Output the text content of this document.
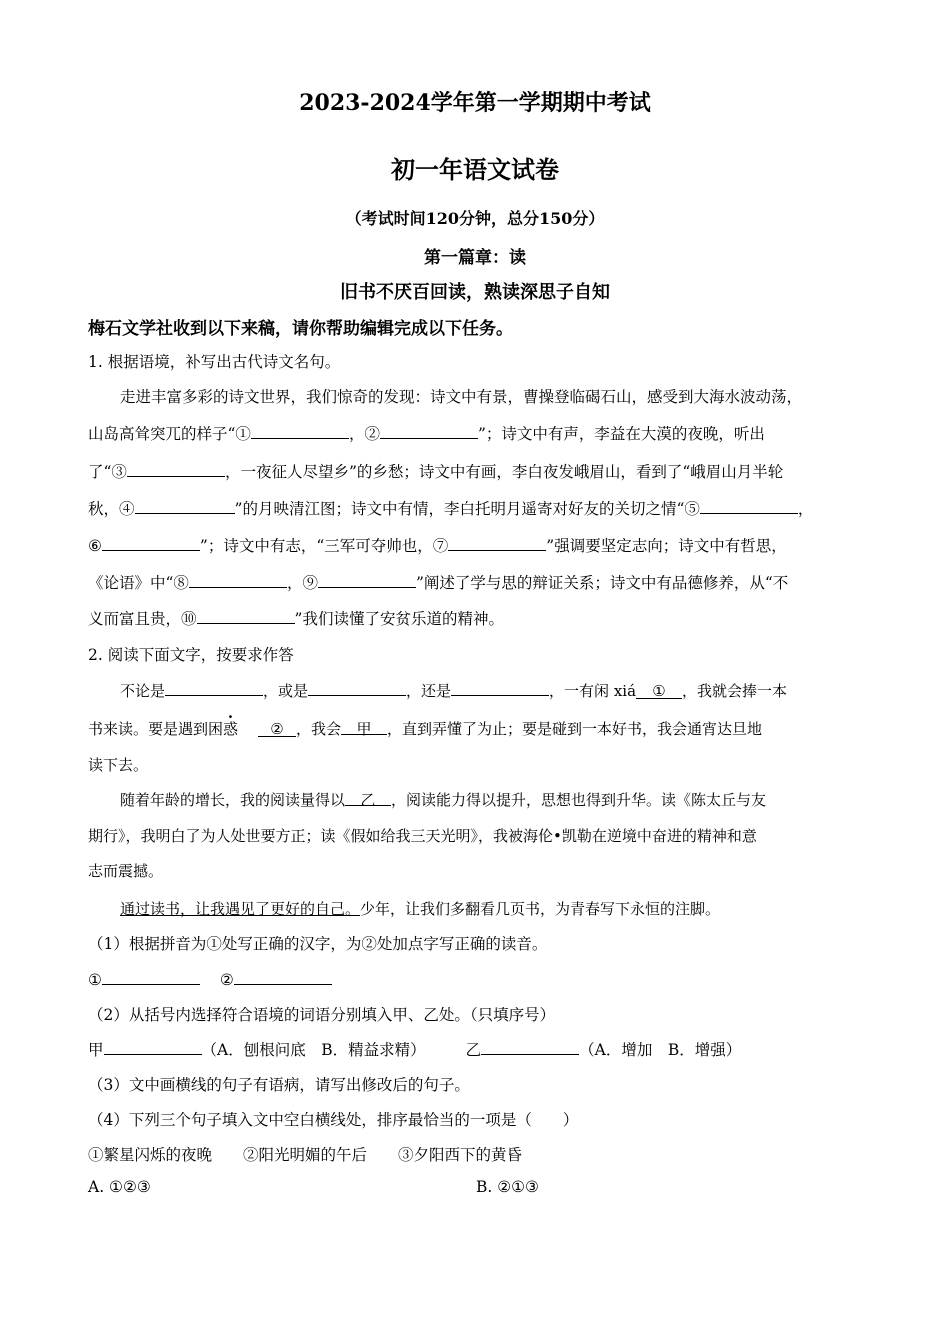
2023-2024学年第一学期期中考试
初一年语文试卷
（考试时间120分钟，总分150分）
第一篇章：读
旧书不厌百回读，熟读深思子自知
梅石文学社收到以下来稿，请你帮助编辑完成以下任务。
1. 根据语境，补写出古代诗文名句。
走进丰富多彩的诗文世界，我们惊奇的发现：诗文中有景，曹操登临碣石山，感受到大海水波动荡，
山岛高耸突兀的样子“①	，②	”；诗文中有声，李益在大漠的夜晚，听出
了“③	，一夜征人尽望乡”的乡愁；诗文中有画，李白夜发峨眉山，看到了“峨眉山月半轮
秋，④	”的月映清江图；诗文中有情，李白托明月遥寄对好友的关切之情“⑤	，
⑥	”；诗文中有志，“三军可夺帅也，⑦	”强调要坚定志向；诗文中有哲思，
《论语》中“⑧	，⑨	”阐述了学与思的辩证关系；诗文中有品德修养，从“不
义而富且贵，⑩	”我们读懂了安贫乐道的精神。
2. 阅读下面文字，按要求作答
不论是	，或是	，还是	，一有闲 xiá ① ，我就会捧一本
书来读。要是遇到困惑 ② ，我会 甲 ，直到弄懂了为止；要是碰到一本好书，我会通宵达旦地
读下去。
随着年龄的增长，我的阅读量得以 乙 ，阅读能力得以提升，思想也得到升华。读《陈太丘与友
期行》，我明白了为人处世要方正；读《假如给我三天光明》，我被海伦•凯勒在逆境中奋进的精神和意
志而震撼。
通过读书，让我遇见了更好的自己。少年，让我们多翻看几页书，为青春写下永恒的注脚。
（1）根据拼音为①处写正确的汉字，为②处加点字写正确的读音。
①	②
（2）从括号内选择符合语境的词语分别填入甲、乙处。（只填序号）
甲	（A．刨根问底　B．精益求精）	乙	（A．增加　B．增强）
（3）文中画横线的句子有语病，请写出修改后的句子。
（4）下列三个句子填入文中空白横线处，排序最恰当的一项是（　　）
①繁星闪烁的夜晚　　②阳光明媚的午后　　③夕阳西下的黄昏
A. ①②③	B. ②①③
